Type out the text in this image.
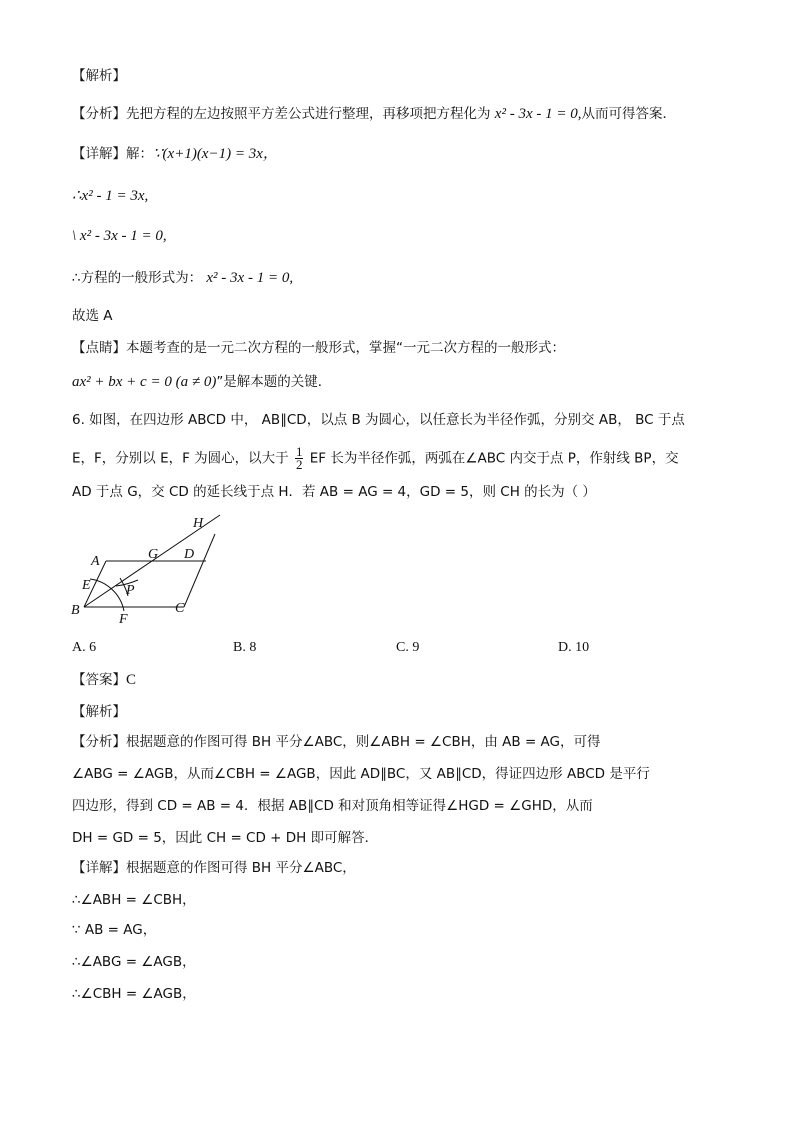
【解析】
【分析】先把方程的左边按照平方差公式进行整理，再移项把方程化为 x² - 3x - 1 = 0,从而可得答案．
【详解】解：∵(x+1)(x−1) = 3x，
∴x² - 1 = 3x,
\ x² - 3x - 1 = 0,
∴方程的一般形式为： x² - 3x - 1 = 0,
故选 A
【点睛】本题考查的是一元二次方程的一般形式，掌握“一元二次方程的一般形式：
ax² + bx + c = 0 (a ≠ 0)”是解本题的关键．
6. 如图，在四边形 ABCD 中， AB∥CD，以点 B 为圆心，以任意长为半径作弧，分别交 AB， BC 于点
E，F，分别以 E，F 为圆心，以大于 $\frac{1}{2}$ EF 长为半径作弧，两弧在∠ABC 内交于点 P，作射线 BP，交
AD 于点 G，交 CD 的延长线于点 H．若 AB = AG = 4，GD = 5，则 CH 的长为（ ）
H
A	G D
E	P
B
F
C
A. 6	B. 8	C. 9	D. 10
【答案】C
【解析】
【分析】根据题意的作图可得 BH 平分∠ABC，则∠ABH = ∠CBH，由 AB = AG，可得
∠ABG = ∠AGB，从而∠CBH = ∠AGB，因此 AD∥BC，又 AB∥CD，得证四边形 ABCD 是平行
四边形，得到 CD = AB = 4．根据 AB∥CD 和对顶角相等证得∠HGD = ∠GHD，从而
DH = GD = 5，因此 CH = CD + DH 即可解答．
【详解】根据题意的作图可得 BH 平分∠ABC，
∴∠ABH = ∠CBH，
∵ AB = AG，
∴∠ABG = ∠AGB，
∴∠CBH = ∠AGB，
